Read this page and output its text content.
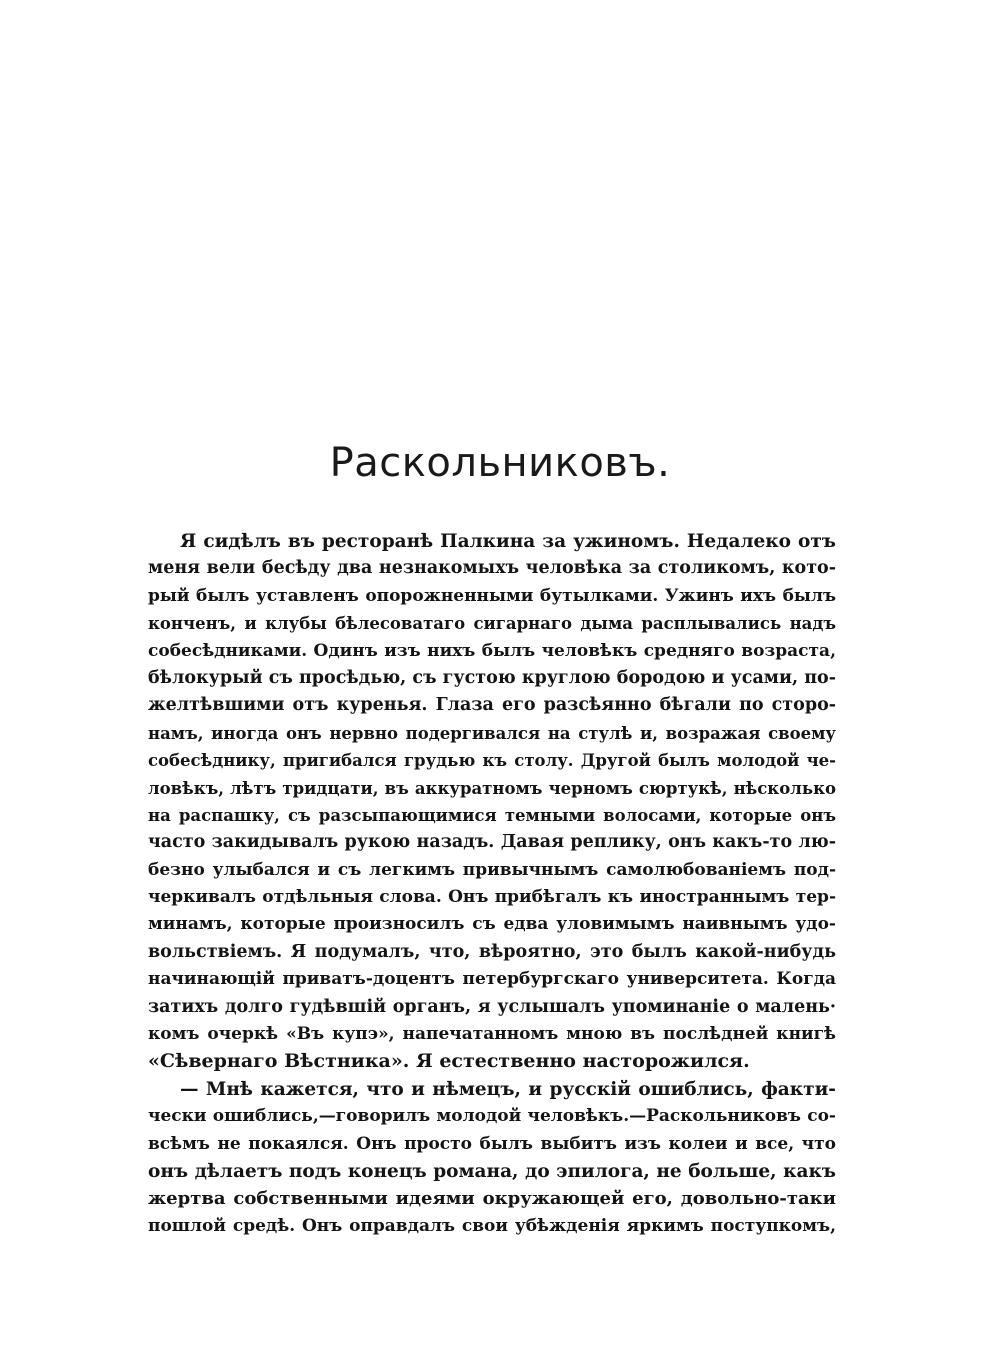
Раскольниковъ.
Я сидѣлъ въ ресторанѣ Палкина за ужиномъ. Недалеко отъ
меня вели бесѣду два незнакомыхъ человѣка за столикомъ, кото-
рый былъ уставленъ опорожненными бутылками. Ужинъ ихъ былъ
конченъ, и клубы бѣлесоватаго сигарнаго дыма расплывались надъ
собесѣдниками. Одинъ изъ нихъ былъ человѣкъ средняго возраста,
бѣлокурый съ просѣдью, съ густою круглою бородою и усами, по-
желтѣвшими отъ куренья. Глаза его разсѣянно бѣгали по сторо-
намъ, иногда онъ нервно подергивался на стулѣ и, возражая своему
собесѣднику, пригибался грудью къ столу. Другой былъ молодой че-
ловѣкъ, лѣтъ тридцати, въ аккуратномъ черномъ сюртукѣ, нѣсколько
на распашку, съ разсыпающимися темными волосами, которые онъ
часто закидывалъ рукою назадъ. Давая реплику, онъ какъ-то лю-
безно улыбался и съ легкимъ привычнымъ самолюбованіемъ под-
черкивалъ отдѣльныя слова. Онъ прибѣгалъ къ иностраннымъ тер-
минамъ, которые произносилъ съ едва уловимымъ наивнымъ удо-
вольствіемъ. Я подумалъ, что, вѣроятно, это былъ какой-нибудь
начинающій приватъ-доцентъ петербургскаго университета. Когда
затихъ долго гудѣвшій органъ, я услышалъ упоминаніе о малень·
комъ очеркѣ «Въ купэ», напечатанномъ мною въ послѣдней книгѣ
«Сѣвернаго Вѣстника». Я естественно насторожился.
— Мнѣ кажется, что и нѣмецъ, и русскій ошиблись, факти-
чески ошиблись,—говорилъ молодой человѣкъ.—Раскольниковъ со-
всѣмъ не покаялся. Онъ просто былъ выбитъ изъ колеи и все, что
онъ дѣлаетъ подъ конецъ романа, до эпилога, не больше, какъ
жертва собственными идеями окружающей его, довольно-таки
пошлой средѣ. Онъ оправдалъ свои убѣжденія яркимъ поступкомъ,
